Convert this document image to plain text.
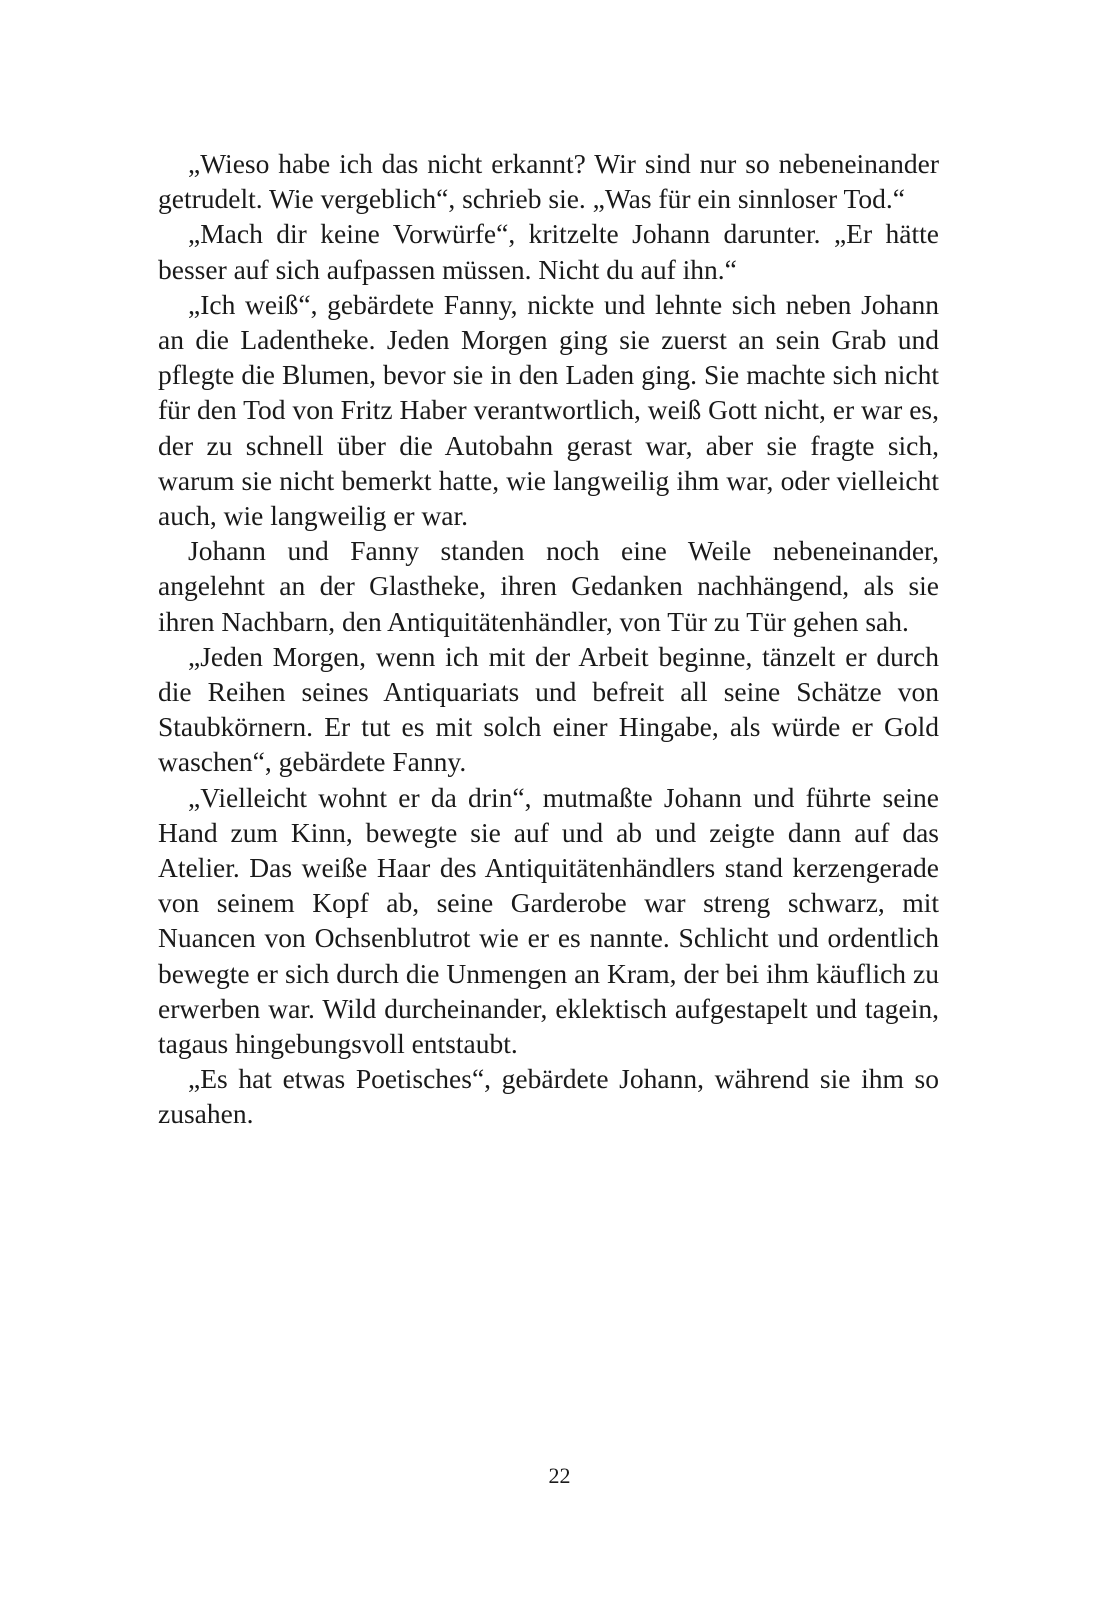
„Wieso habe ich das nicht erkannt? Wir sind nur so nebeneinander getrudelt. Wie vergeblich“, schrieb sie. „Was für ein sinnloser Tod.“

„Mach dir keine Vorwürfe“, kritzelte Johann darunter. „Er hätte besser auf sich aufpassen müssen. Nicht du auf ihn.“

„Ich weiß“, gebärdete Fanny, nickte und lehnte sich neben Johann an die Ladentheke. Jeden Morgen ging sie zuerst an sein Grab und pflegte die Blumen, bevor sie in den Laden ging. Sie machte sich nicht für den Tod von Fritz Haber verantwortlich, weiß Gott nicht, er war es, der zu schnell über die Autobahn gerast war, aber sie fragte sich, warum sie nicht bemerkt hatte, wie langweilig ihm war, oder vielleicht auch, wie langweilig er war.

Johann und Fanny standen noch eine Weile nebeneinander, angelehnt an der Glastheke, ihren Gedanken nachhängend, als sie ihren Nachbarn, den Antiquitätenhändler, von Tür zu Tür gehen sah.

„Jeden Morgen, wenn ich mit der Arbeit beginne, tänzelt er durch die Reihen seines Antiquariats und befreit all seine Schätze von Staubkörnern. Er tut es mit solch einer Hingabe, als würde er Gold waschen“, gebärdete Fanny.

„Vielleicht wohnt er da drin“, mutmaßte Johann und führte seine Hand zum Kinn, bewegte sie auf und ab und zeigte dann auf das Atelier. Das weiße Haar des Antiquitätenhändlers stand kerzengerade von seinem Kopf ab, seine Garderobe war streng schwarz, mit Nuancen von Ochsenblutrot wie er es nannte. Schlicht und ordentlich bewegte er sich durch die Unmengen an Kram, der bei ihm käuflich zu erwerben war. Wild durcheinander, eklektisch aufgestapelt und tagein, tagaus hingebungsvoll entstaubt.

„Es hat etwas Poetisches“, gebärdete Johann, während sie ihm so zusahen.

22
